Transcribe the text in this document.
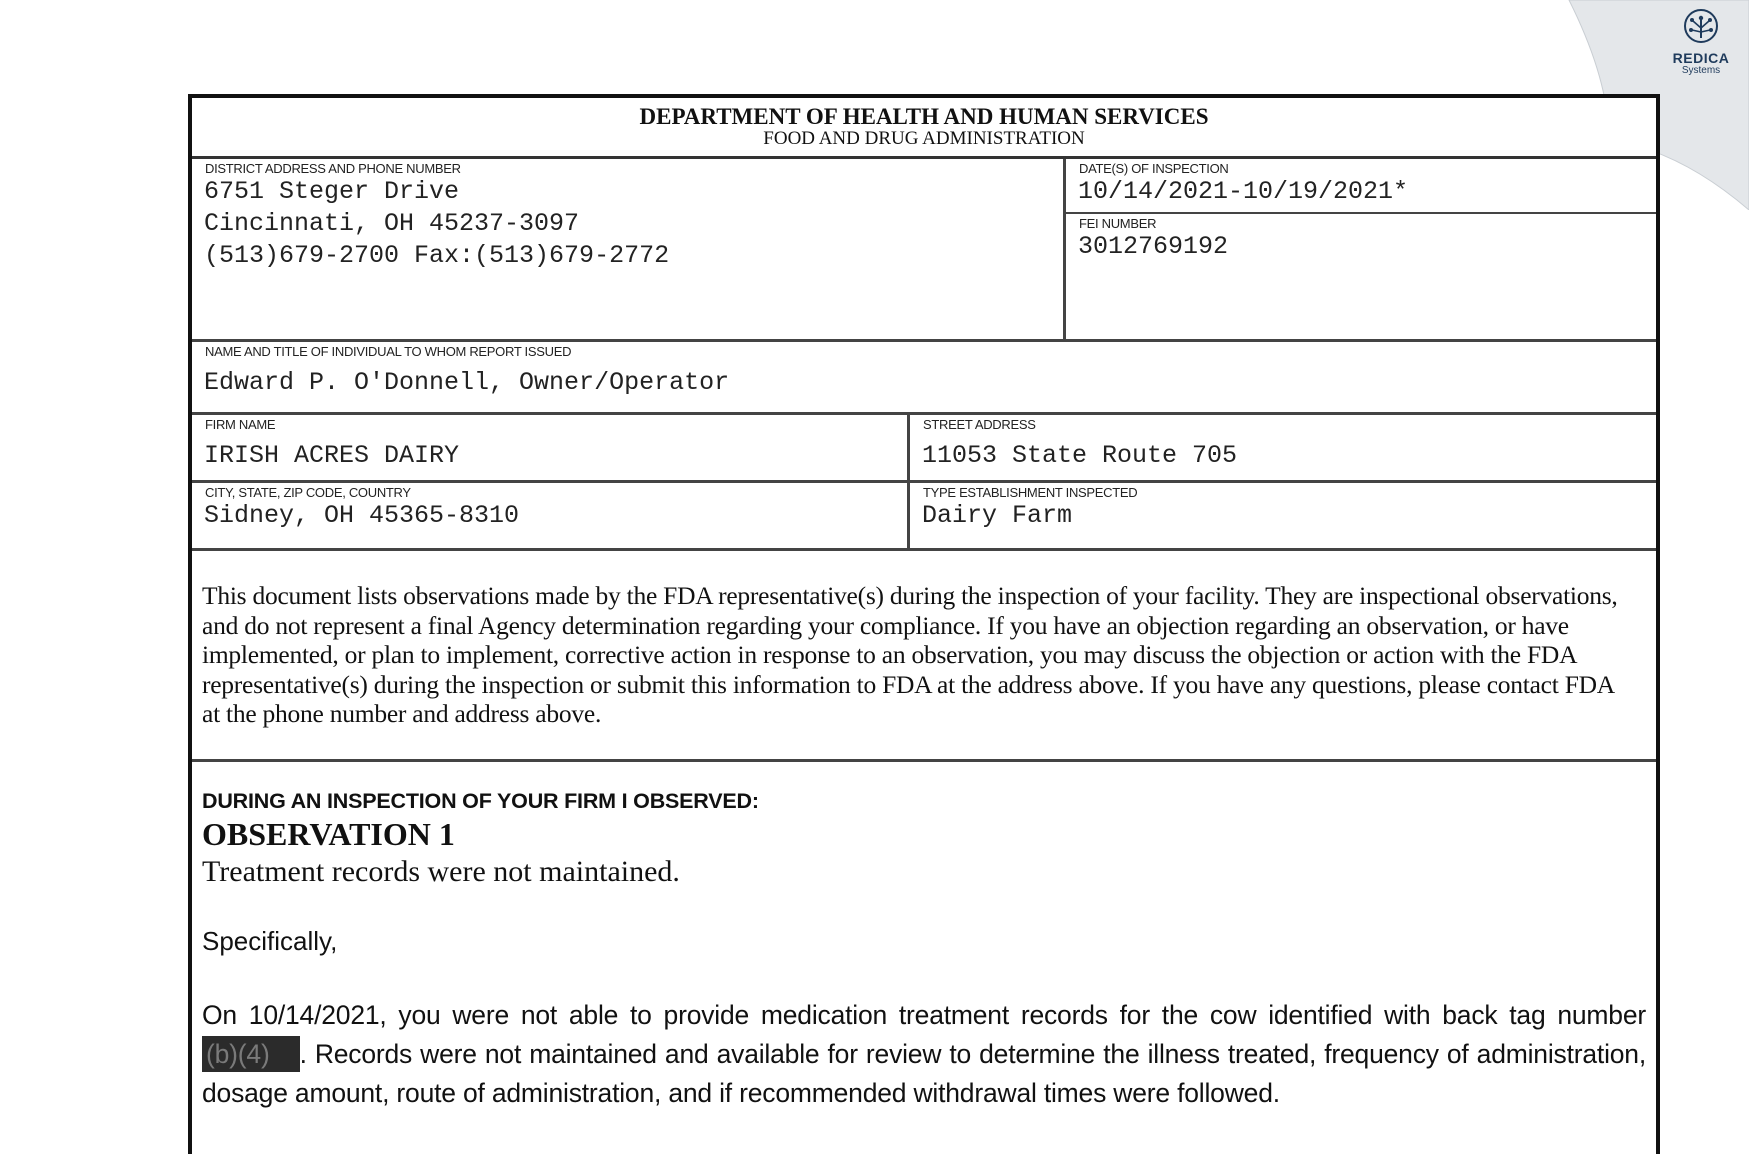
REDICA
Systems
DEPARTMENT OF HEALTH AND HUMAN SERVICES
FOOD AND DRUG ADMINISTRATION
DISTRICT ADDRESS AND PHONE NUMBER
6751 Steger Drive
Cincinnati, OH 45237-3097
(513)679-2700 Fax:(513)679-2772
DATE(S) OF INSPECTION
10/14/2021-10/19/2021*
FEI NUMBER
3012769192
NAME AND TITLE OF INDIVIDUAL TO WHOM REPORT ISSUED
Edward P. O'Donnell, Owner/Operator
FIRM NAME
IRISH ACRES DAIRY
STREET ADDRESS
11053 State Route 705
CITY, STATE, ZIP CODE, COUNTRY
Sidney, OH 45365-8310
TYPE ESTABLISHMENT INSPECTED
Dairy Farm
This document lists observations made by the FDA representative(s) during the inspection of your facility. They are inspectional observations, and do not represent a final Agency determination regarding your compliance. If you have an objection regarding an observation, or have implemented, or plan to implement, corrective action in response to an observation, you may discuss the objection or action with the FDA representative(s) during the inspection or submit this information to FDA at the address above. If you have any questions, please contact FDA at the phone number and address above.
DURING AN INSPECTION OF YOUR FIRM I OBSERVED:
OBSERVATION 1
Treatment records were not maintained.
Specifically,
On 10/14/2021, you were not able to provide medication treatment records for the cow identified with back tag number (b)(4) . Records were not maintained and available for review to determine the illness treated, frequency of administration, dosage amount, route of administration, and if recommended withdrawal times were followed.
